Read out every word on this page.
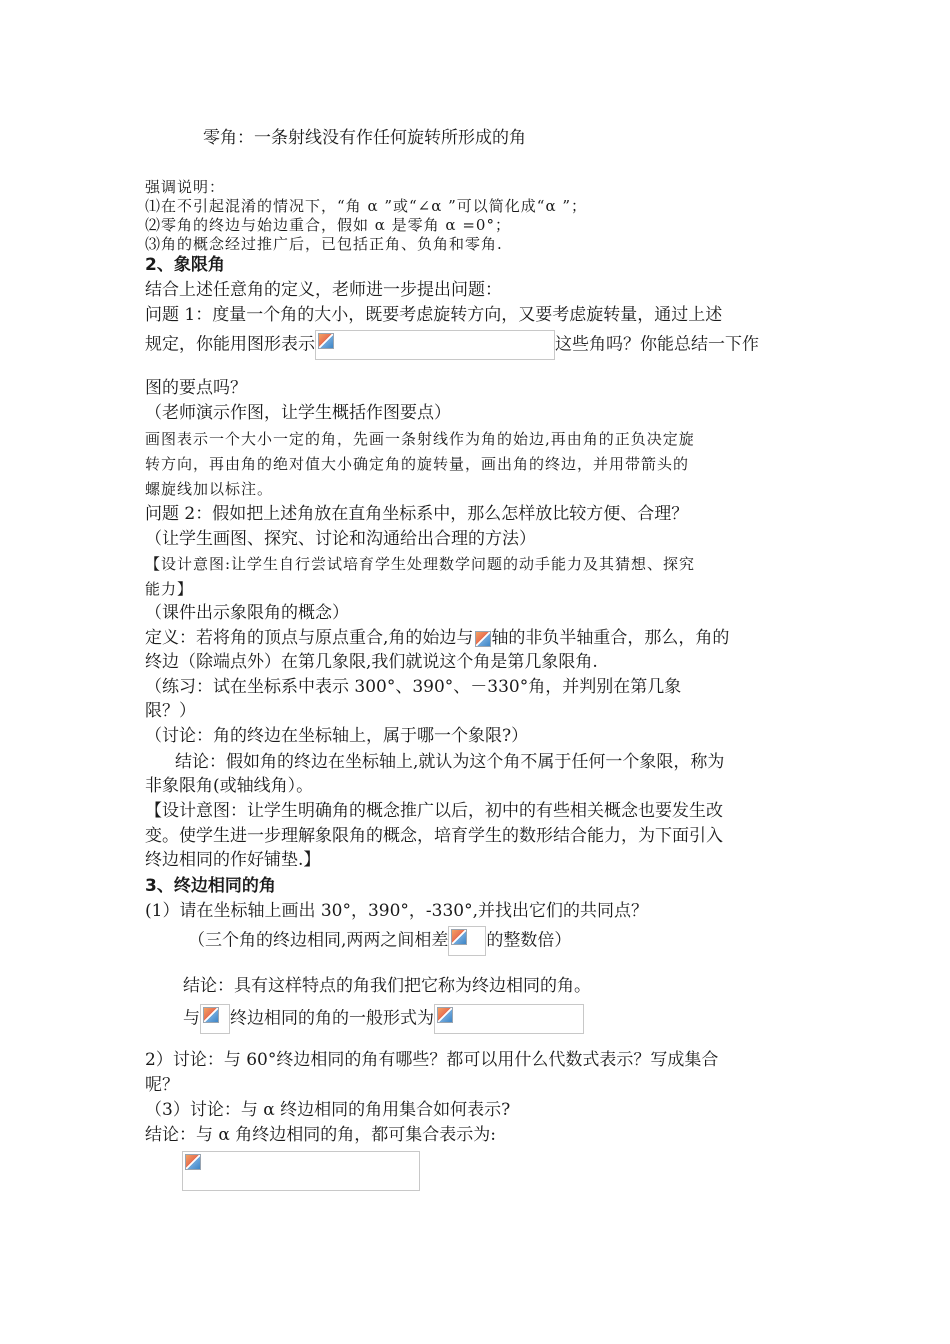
零角：一条射线没有作任何旋转所形成的角
强调说明：
⑴在不引起混淆的情况下，“角 α ”或“∠α ”可以简化成“α ”；
⑵零角的终边与始边重合，假如 α 是零角 α =0°；
⑶角的概念经过推广后，已包括正角、负角和零角.
2、象限角
结合上述任意角的定义，老师进一步提出问题：
问题 1：度量一个角的大小，既要考虑旋转方向，又要考虑旋转量，通过上述
规定，你能用图形表示	这些角吗？你能总结一下作
图的要点吗？
（老师演示作图，让学生概括作图要点）
画图表示一个大小一定的角，先画一条射线作为角的始边,再由角的正负决定旋
转方向，再由角的绝对值大小确定角的旋转量，画出角的终边，并用带箭头的
螺旋线加以标注。
问题 2：假如把上述角放在直角坐标系中，那么怎样放比较方便、合理？
（让学生画图、探究、讨论和沟通给出合理的方法）
【设计意图:让学生自行尝试培育学生处理数学问题的动手能力及其猜想、探究
能力】
（课件出示象限角的概念）
定义：若将角的顶点与原点重合,角的始边与 轴的非负半轴重合，那么，角的
终边（除端点外）在第几象限,我们就说这个角是第几象限角.
（练习：试在坐标系中表示 300°、390°、－330°角，并判别在第几象
限？）
（讨论：角的终边在坐标轴上，属于哪一个象限?）
结论：假如角的终边在坐标轴上,就认为这个角不属于任何一个象限，称为
非象限角(或轴线角）。
【设计意图：让学生明确角的概念推广以后，初中的有些相关概念也要发生改
变。使学生进一步理解象限角的概念，培育学生的数形结合能力，为下面引入
终边相同的作好铺垫.】
3、终边相同的角
(1）请在坐标轴上画出 30°，390°，-330°,并找出它们的共同点？
（三个角的终边相同,两两之间相差 的整数倍）
结论：具有这样特点的角我们把它称为终边相同的角。
与 终边相同的角的一般形式为
2）讨论：与 60°终边相同的角有哪些？都可以用什么代数式表示？写成集合
呢？
（3）讨论：与 α 终边相同的角用集合如何表示?
结论：与 α 角终边相同的角，都可集合表示为:
